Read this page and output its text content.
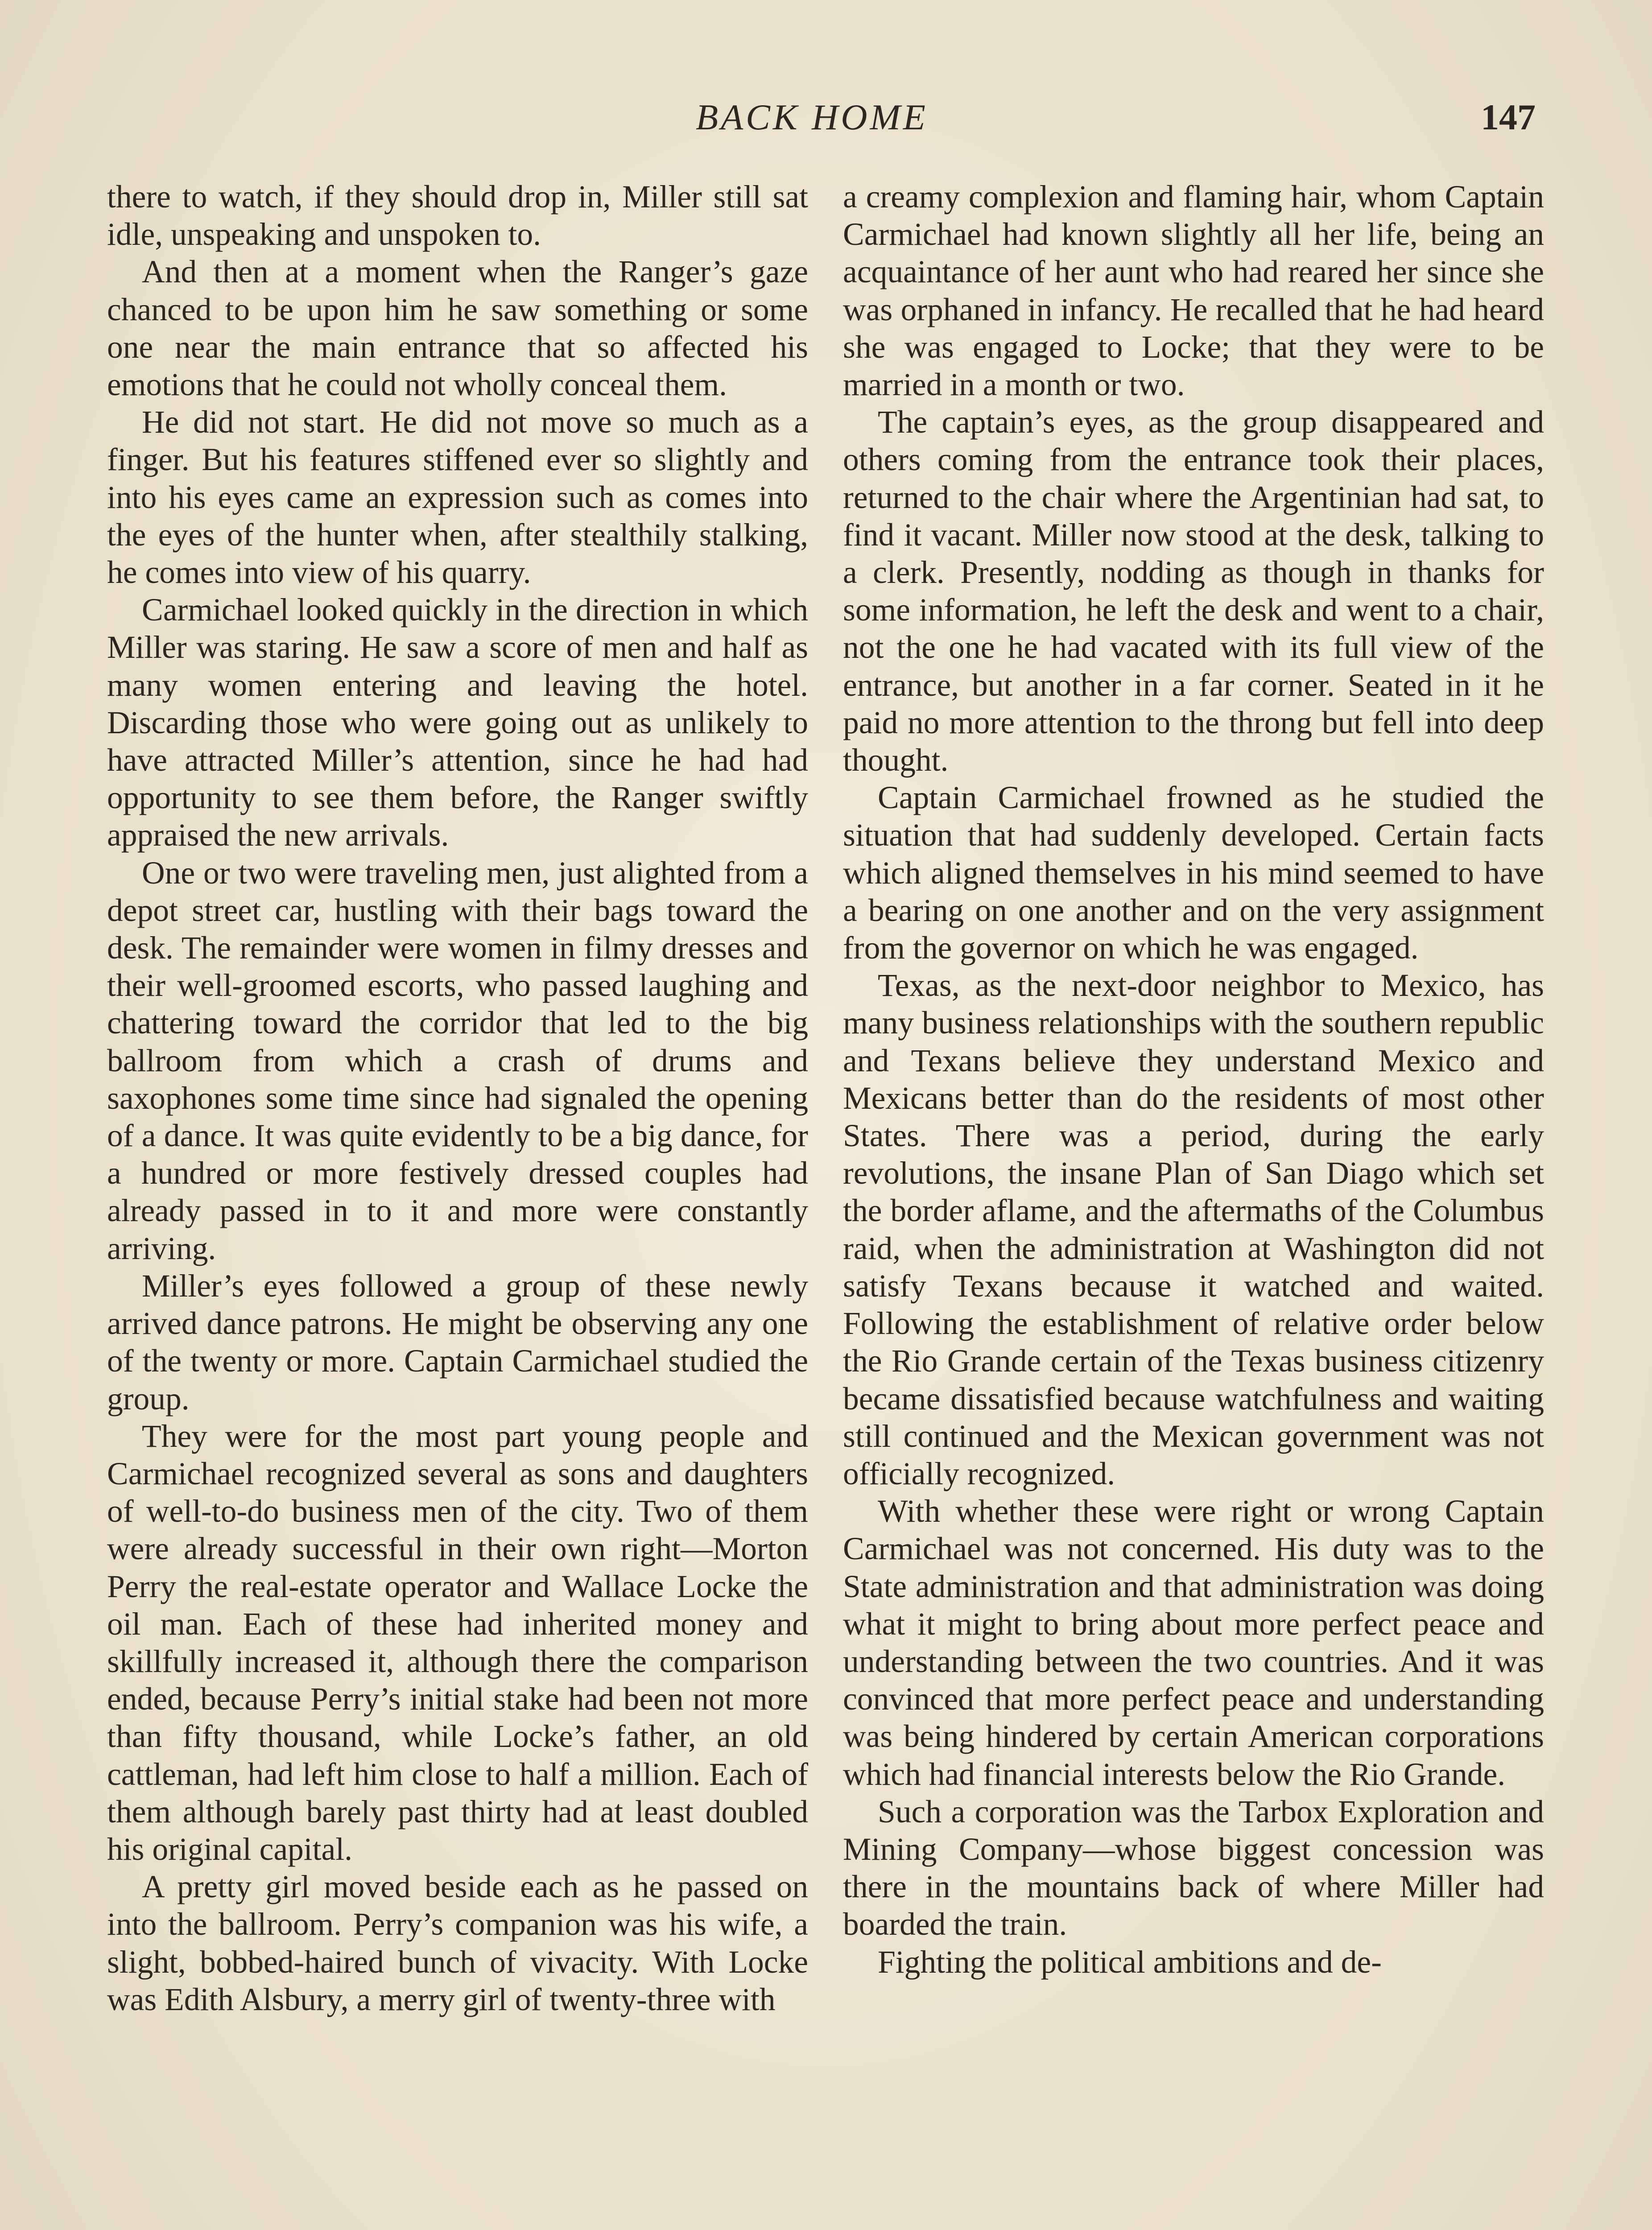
BACK HOME	147

there to watch, if they should drop in, Miller still sat idle, unspeaking and unspoken to.

And then at a moment when the Ranger’s gaze chanced to be upon him he saw something or some one near the main entrance that so affected his emotions that he could not wholly conceal them.

He did not start. He did not move so much as a finger. But his features stiffened ever so slightly and into his eyes came an expression such as comes into the eyes of the hunter when, after stealthily stalking, he comes into view of his quarry.

Carmichael looked quickly in the direction in which Miller was staring. He saw a score of men and half as many women entering and leaving the hotel. Discarding those who were going out as unlikely to have attracted Miller’s attention, since he had had opportunity to see them before, the Ranger swiftly appraised the new arrivals.

One or two were traveling men, just alighted from a depot street car, hustling with their bags toward the desk. The remainder were women in filmy dresses and their well-groomed escorts, who passed laughing and chattering toward the corridor that led to the big ballroom from which a crash of drums and saxophones some time since had signaled the opening of a dance. It was quite evidently to be a big dance, for a hundred or more festively dressed couples had already passed in to it and more were constantly arriving.

Miller’s eyes followed a group of these newly arrived dance patrons. He might be observing any one of the twenty or more. Captain Carmichael studied the group.

They were for the most part young people and Carmichael recognized several as sons and daughters of well-to-do business men of the city. Two of them were already successful in their own right—Morton Perry the real-estate operator and Wallace Locke the oil man. Each of these had inherited money and skillfully increased it, although there the comparison ended, because Perry’s initial stake had been not more than fifty thousand, while Locke’s father, an old cattleman, had left him close to half a million. Each of them although barely past thirty had at least doubled his original capital.

A pretty girl moved beside each as he passed on into the ballroom. Perry’s companion was his wife, a slight, bobbed-haired bunch of vivacity. With Locke was Edith Alsbury, a merry girl of twenty-three with

a creamy complexion and flaming hair, whom Captain Carmichael had known slightly all her life, being an acquaintance of her aunt who had reared her since she was orphaned in infancy. He recalled that he had heard she was engaged to Locke; that they were to be married in a month or two.

The captain’s eyes, as the group disappeared and others coming from the entrance took their places, returned to the chair where the Argentinian had sat, to find it vacant. Miller now stood at the desk, talking to a clerk. Presently, nodding as though in thanks for some information, he left the desk and went to a chair, not the one he had vacated with its full view of the entrance, but another in a far corner. Seated in it he paid no more attention to the throng but fell into deep thought.

Captain Carmichael frowned as he studied the situation that had suddenly developed. Certain facts which aligned themselves in his mind seemed to have a bearing on one another and on the very assignment from the governor on which he was engaged.

Texas, as the next-door neighbor to Mexico, has many business relationships with the southern republic and Texans believe they understand Mexico and Mexicans better than do the residents of most other States. There was a period, during the early revolutions, the insane Plan of San Diago which set the border aflame, and the aftermaths of the Columbus raid, when the administration at Washington did not satisfy Texans because it watched and waited. Following the establishment of relative order below the Rio Grande certain of the Texas business citizenry became dissatisfied because watchfulness and waiting still continued and the Mexican government was not officially recognized.

With whether these were right or wrong Captain Carmichael was not concerned. His duty was to the State administration and that administration was doing what it might to bring about more perfect peace and understanding between the two countries. And it was convinced that more perfect peace and understanding was being hindered by certain American corporations which had financial interests below the Rio Grande.

Such a corporation was the Tarbox Exploration and Mining Company—whose biggest concession was there in the mountains back of where Miller had boarded the train.

Fighting the political ambitions and de-
